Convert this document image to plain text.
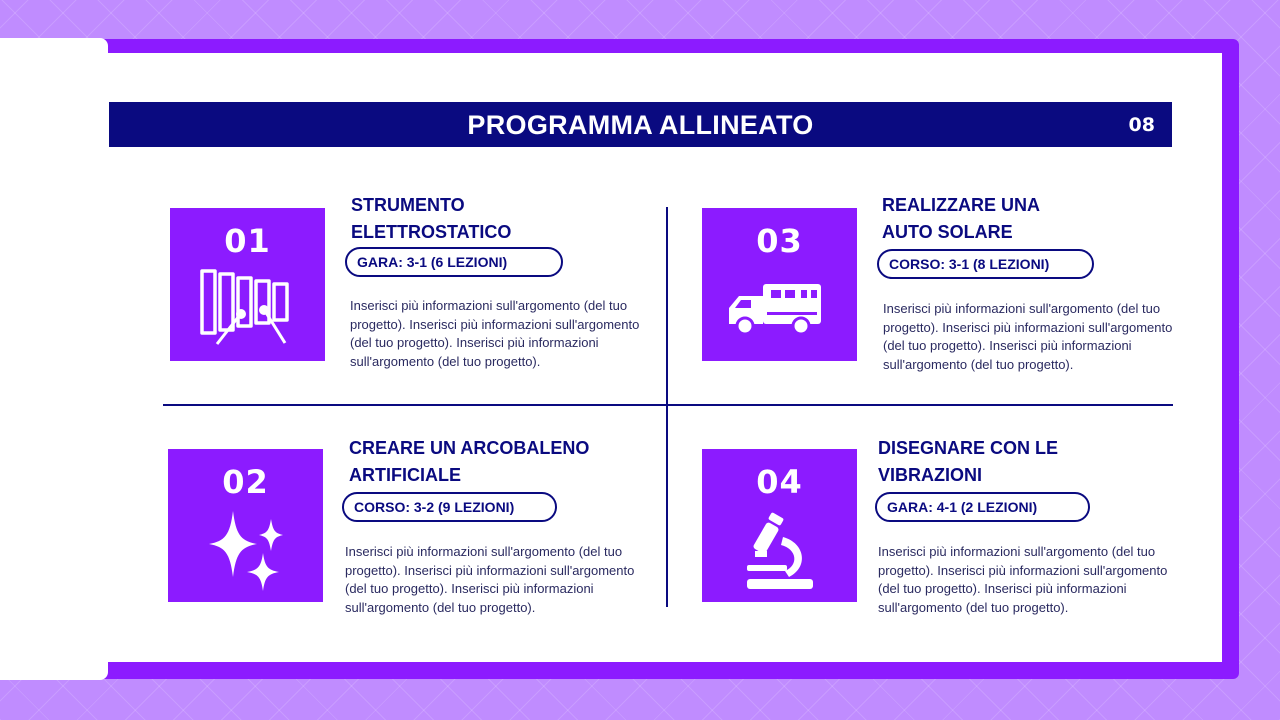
PROGRAMMA ALLINEATO	08
01
STRUMENTO
ELETTROSTATICO
GARA: 3-1 (6 LEZIONI)
Inserisci più informazioni sull'argomento (del tuo progetto). Inserisci più informazioni sull'argomento (del tuo progetto). Inserisci più informazioni sull'argomento (del tuo progetto).
02
CREARE UN ARCOBALENO
ARTIFICIALE
CORSO: 3-2 (9 LEZIONI)
Inserisci più informazioni sull'argomento (del tuo progetto). Inserisci più informazioni sull'argomento (del tuo progetto). Inserisci più informazioni sull'argomento (del tuo progetto).
03
REALIZZARE UNA
AUTO SOLARE
CORSO: 3-1 (8 LEZIONI)
Inserisci più informazioni sull'argomento (del tuo progetto). Inserisci più informazioni sull'argomento (del tuo progetto). Inserisci più informazioni sull'argomento (del tuo progetto).
04
DISEGNARE CON LE
VIBRAZIONI
GARA: 4-1 (2 LEZIONI)
Inserisci più informazioni sull'argomento (del tuo progetto). Inserisci più informazioni sull'argomento (del tuo progetto). Inserisci più informazioni sull'argomento (del tuo progetto).
